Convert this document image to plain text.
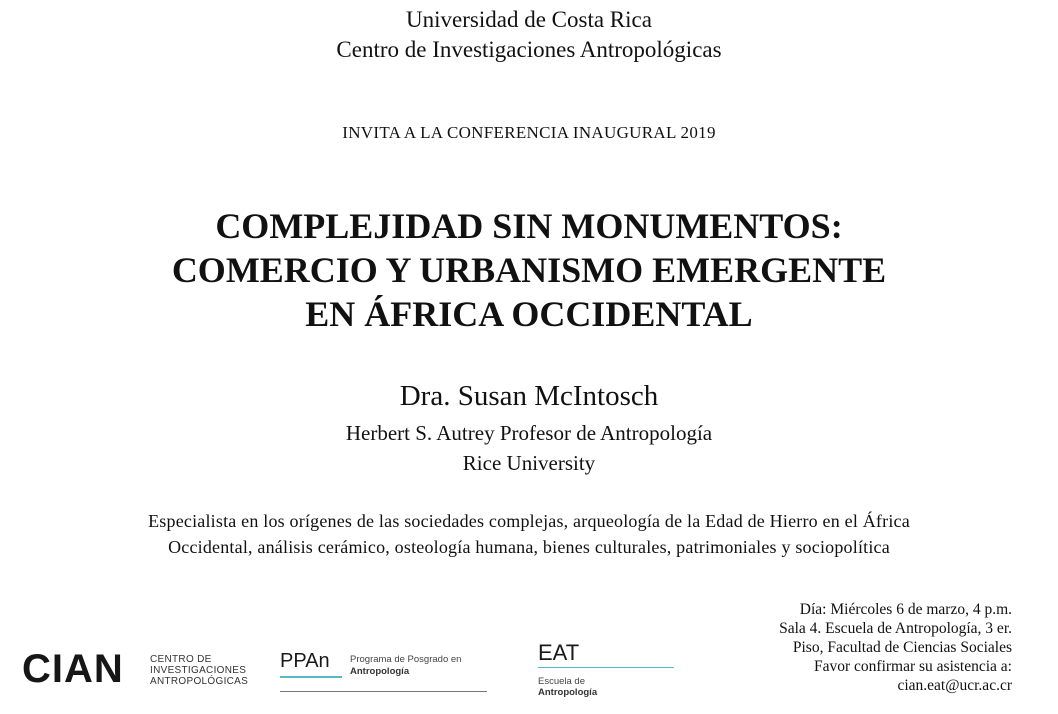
Universidad de Costa Rica
Centro de Investigaciones Antropológicas
INVITA A LA CONFERENCIA INAUGURAL 2019
COMPLEJIDAD SIN MONUMENTOS:
COMERCIO Y URBANISMO EMERGENTE
EN ÁFRICA OCCIDENTAL
Dra. Susan McIntosch
Herbert S. Autrey Profesor de Antropología
Rice University
Especialista en los orígenes de las sociedades complejas, arqueología de la Edad de Hierro en el África
Occidental, análisis cerámico, osteología humana, bienes culturales, patrimoniales y sociopolítica
Día: Miércoles 6 de marzo, 4 p.m.
Sala 4. Escuela de Antropología, 3 er.
Piso, Facultad de Ciencias Sociales
Favor confirmar su asistencia a:
cian.eat@ucr.ac.cr
CIAN	CENTRO DE
INVESTIGACIONES
ANTROPOLÓGICAS
PPAn Programa de Posgrado en
Antropología
EAT
Escuela de
Antropología
